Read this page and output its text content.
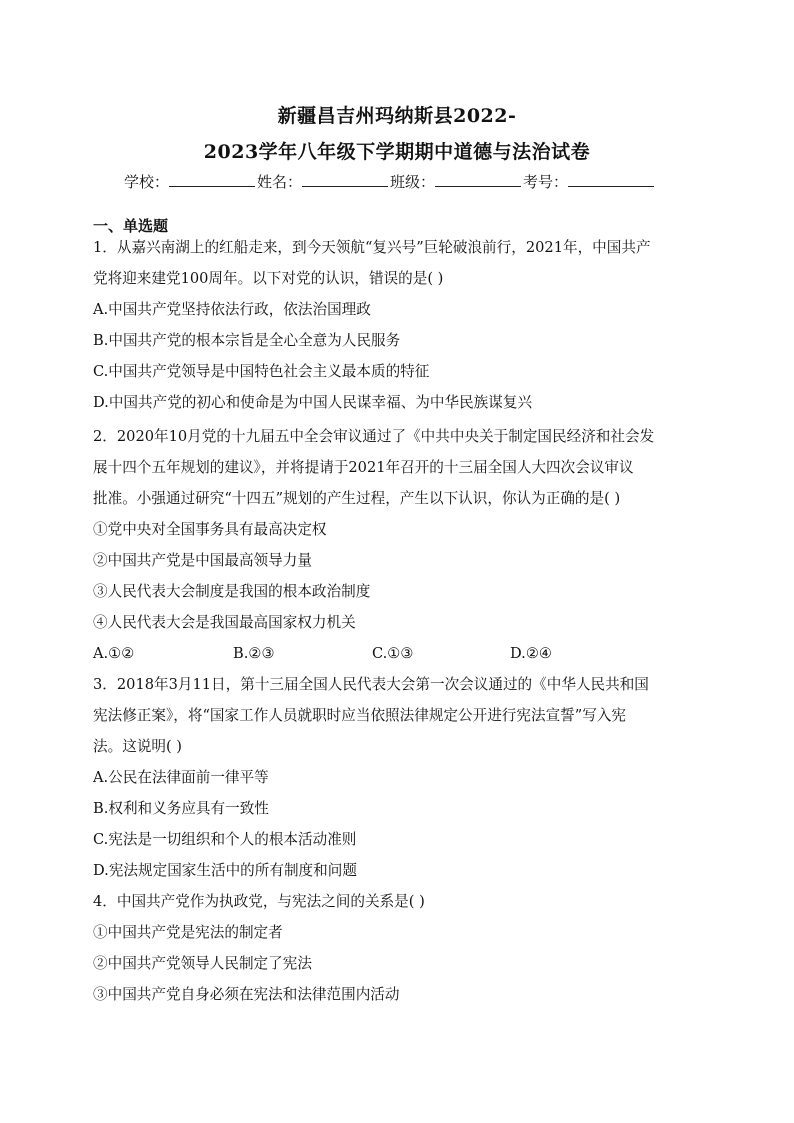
新疆昌吉州玛纳斯县2022-
2023学年八年级下学期期中道德与法治试卷
学校：	姓名：	班级：	考号：
一、单选题
1．从嘉兴南湖上的红船走来，到今天领航“复兴号”巨轮破浪前行，2021年，中国共产
党将迎来建党100周年。以下对党的认识，错误的是( )
A.中国共产党坚持依法行政，依法治国理政
B.中国共产党的根本宗旨是全心全意为人民服务
C.中国共产党领导是中国特色社会主义最本质的特征
D.中国共产党的初心和使命是为中国人民谋幸福、为中华民族谋复兴
2．2020年10月党的十九届五中全会审议通过了《中共中央关于制定国民经济和社会发
展十四个五年规划的建议》，并将提请于2021年召开的十三届全国人大四次会议审议
批准。小强通过研究“十四五”规划的产生过程，产生以下认识，你认为正确的是( )
①党中央对全国事务具有最高决定权
②中国共产党是中国最高领导力量
③人民代表大会制度是我国的根本政治制度
④人民代表大会是我国最高国家权力机关
A.①②	B.②③	C.①③	D.②④
3．2018年3月11日，第十三届全国人民代表大会第一次会议通过的《中华人民共和国
宪法修正案》，将“国家工作人员就职时应当依照法律规定公开进行宪法宣誓”写入宪
法。这说明( )
A.公民在法律面前一律平等
B.权利和义务应具有一致性
C.宪法是一切组织和个人的根本活动准则
D.宪法规定国家生活中的所有制度和问题
4．中国共产党作为执政党，与宪法之间的关系是( )
①中国共产党是宪法的制定者
②中国共产党领导人民制定了宪法
③中国共产党自身必须在宪法和法律范围内活动
